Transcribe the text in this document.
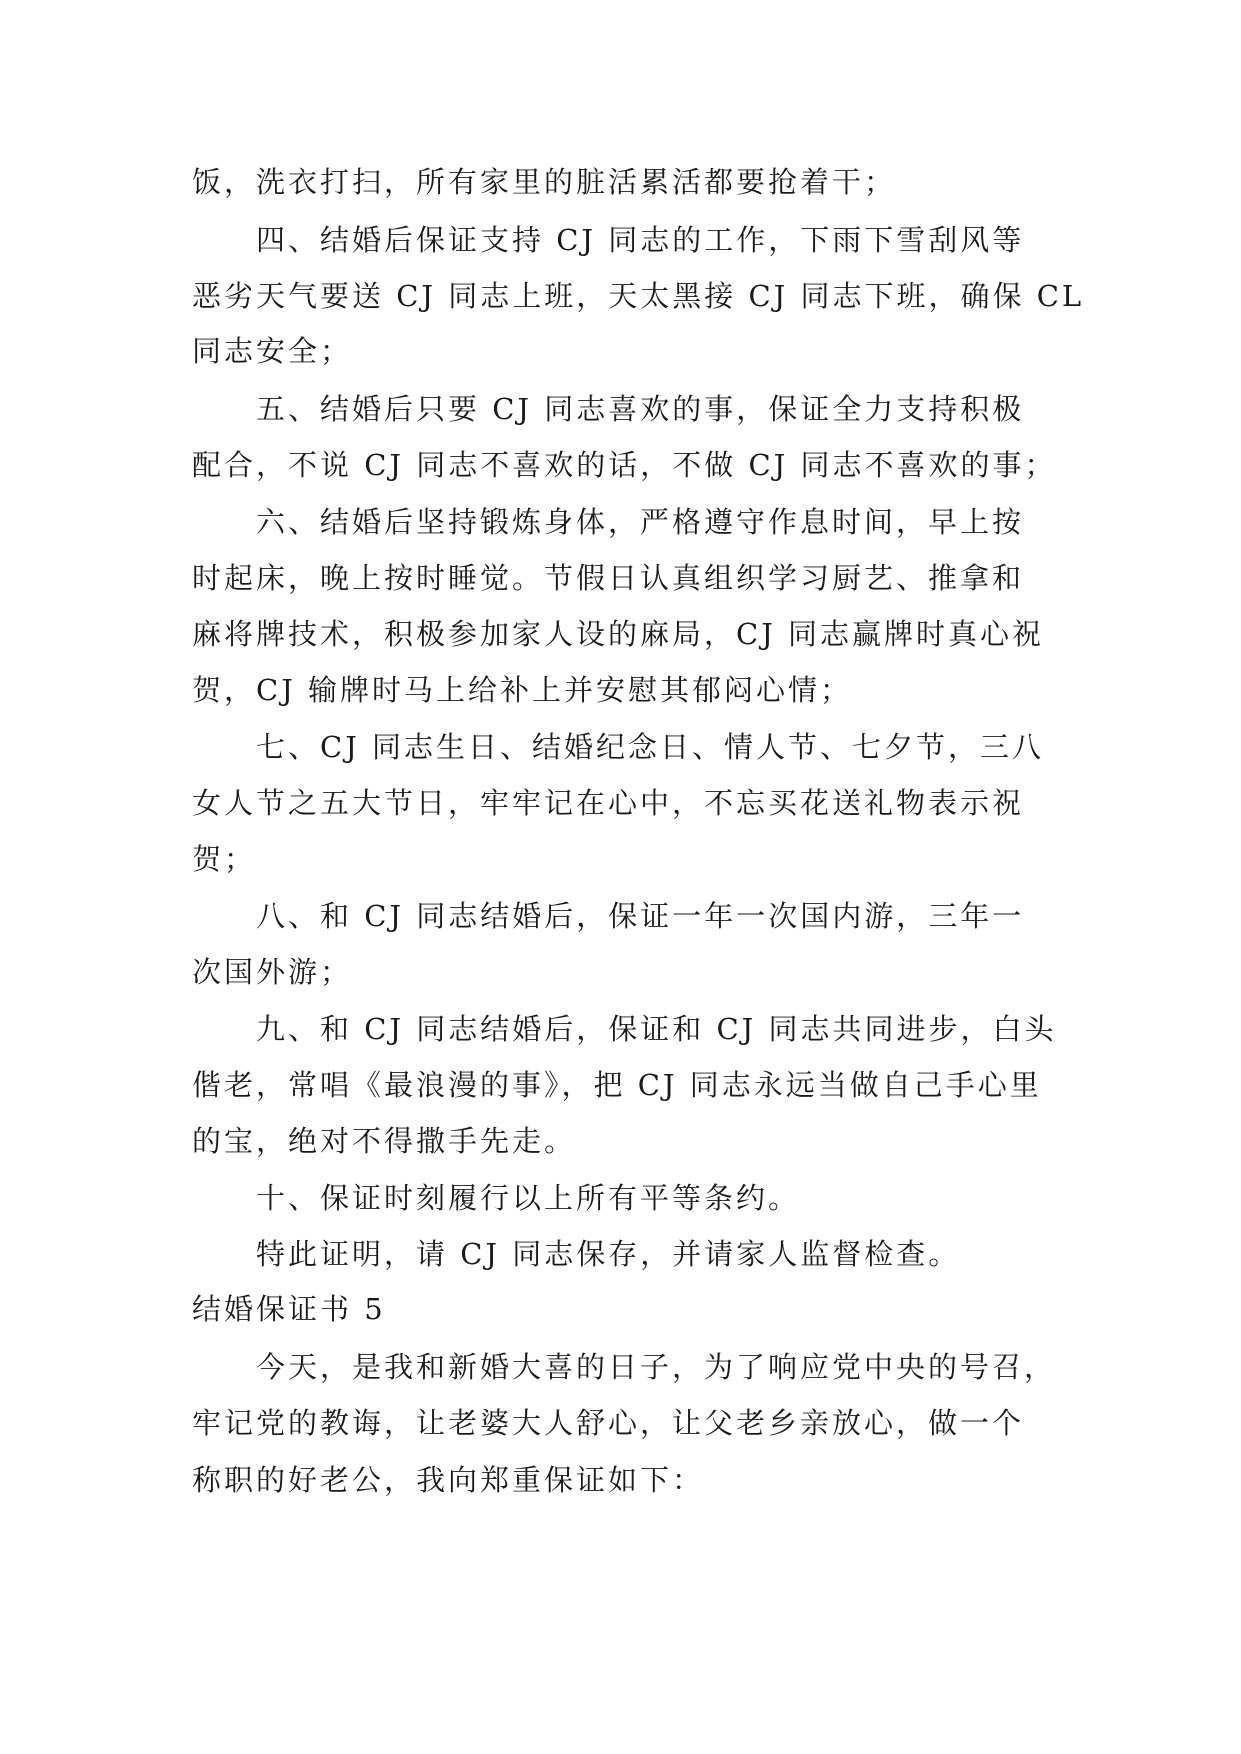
饭，洗衣打扫，所有家里的脏活累活都要抢着干；
四、结婚后保证支持 CJ 同志的工作，下雨下雪刮风等
恶劣天气要送 CJ 同志上班，天太黑接 CJ 同志下班，确保 CL
同志安全；
五、结婚后只要 CJ 同志喜欢的事，保证全力支持积极
配合，不说 CJ 同志不喜欢的话，不做 CJ 同志不喜欢的事；
六、结婚后坚持锻炼身体，严格遵守作息时间，早上按
时起床，晚上按时睡觉。节假日认真组织学习厨艺、推拿和
麻将牌技术，积极参加家人设的麻局，CJ 同志赢牌时真心祝
贺，CJ 输牌时马上给补上并安慰其郁闷心情；
七、CJ 同志生日、结婚纪念日、情人节、七夕节，三八
女人节之五大节日，牢牢记在心中，不忘买花送礼物表示祝
贺；
八、和 CJ 同志结婚后，保证一年一次国内游，三年一
次国外游；
九、和 CJ 同志结婚后，保证和 CJ 同志共同进步，白头
偕老，常唱《最浪漫的事》，把 CJ 同志永远当做自己手心里
的宝，绝对不得撒手先走。
十、保证时刻履行以上所有平等条约。
特此证明，请 CJ 同志保存，并请家人监督检查。
结婚保证书 5
今天，是我和新婚大喜的日子，为了响应党中央的号召，
牢记党的教诲，让老婆大人舒心，让父老乡亲放心，做一个
称职的好老公，我向郑重保证如下：
